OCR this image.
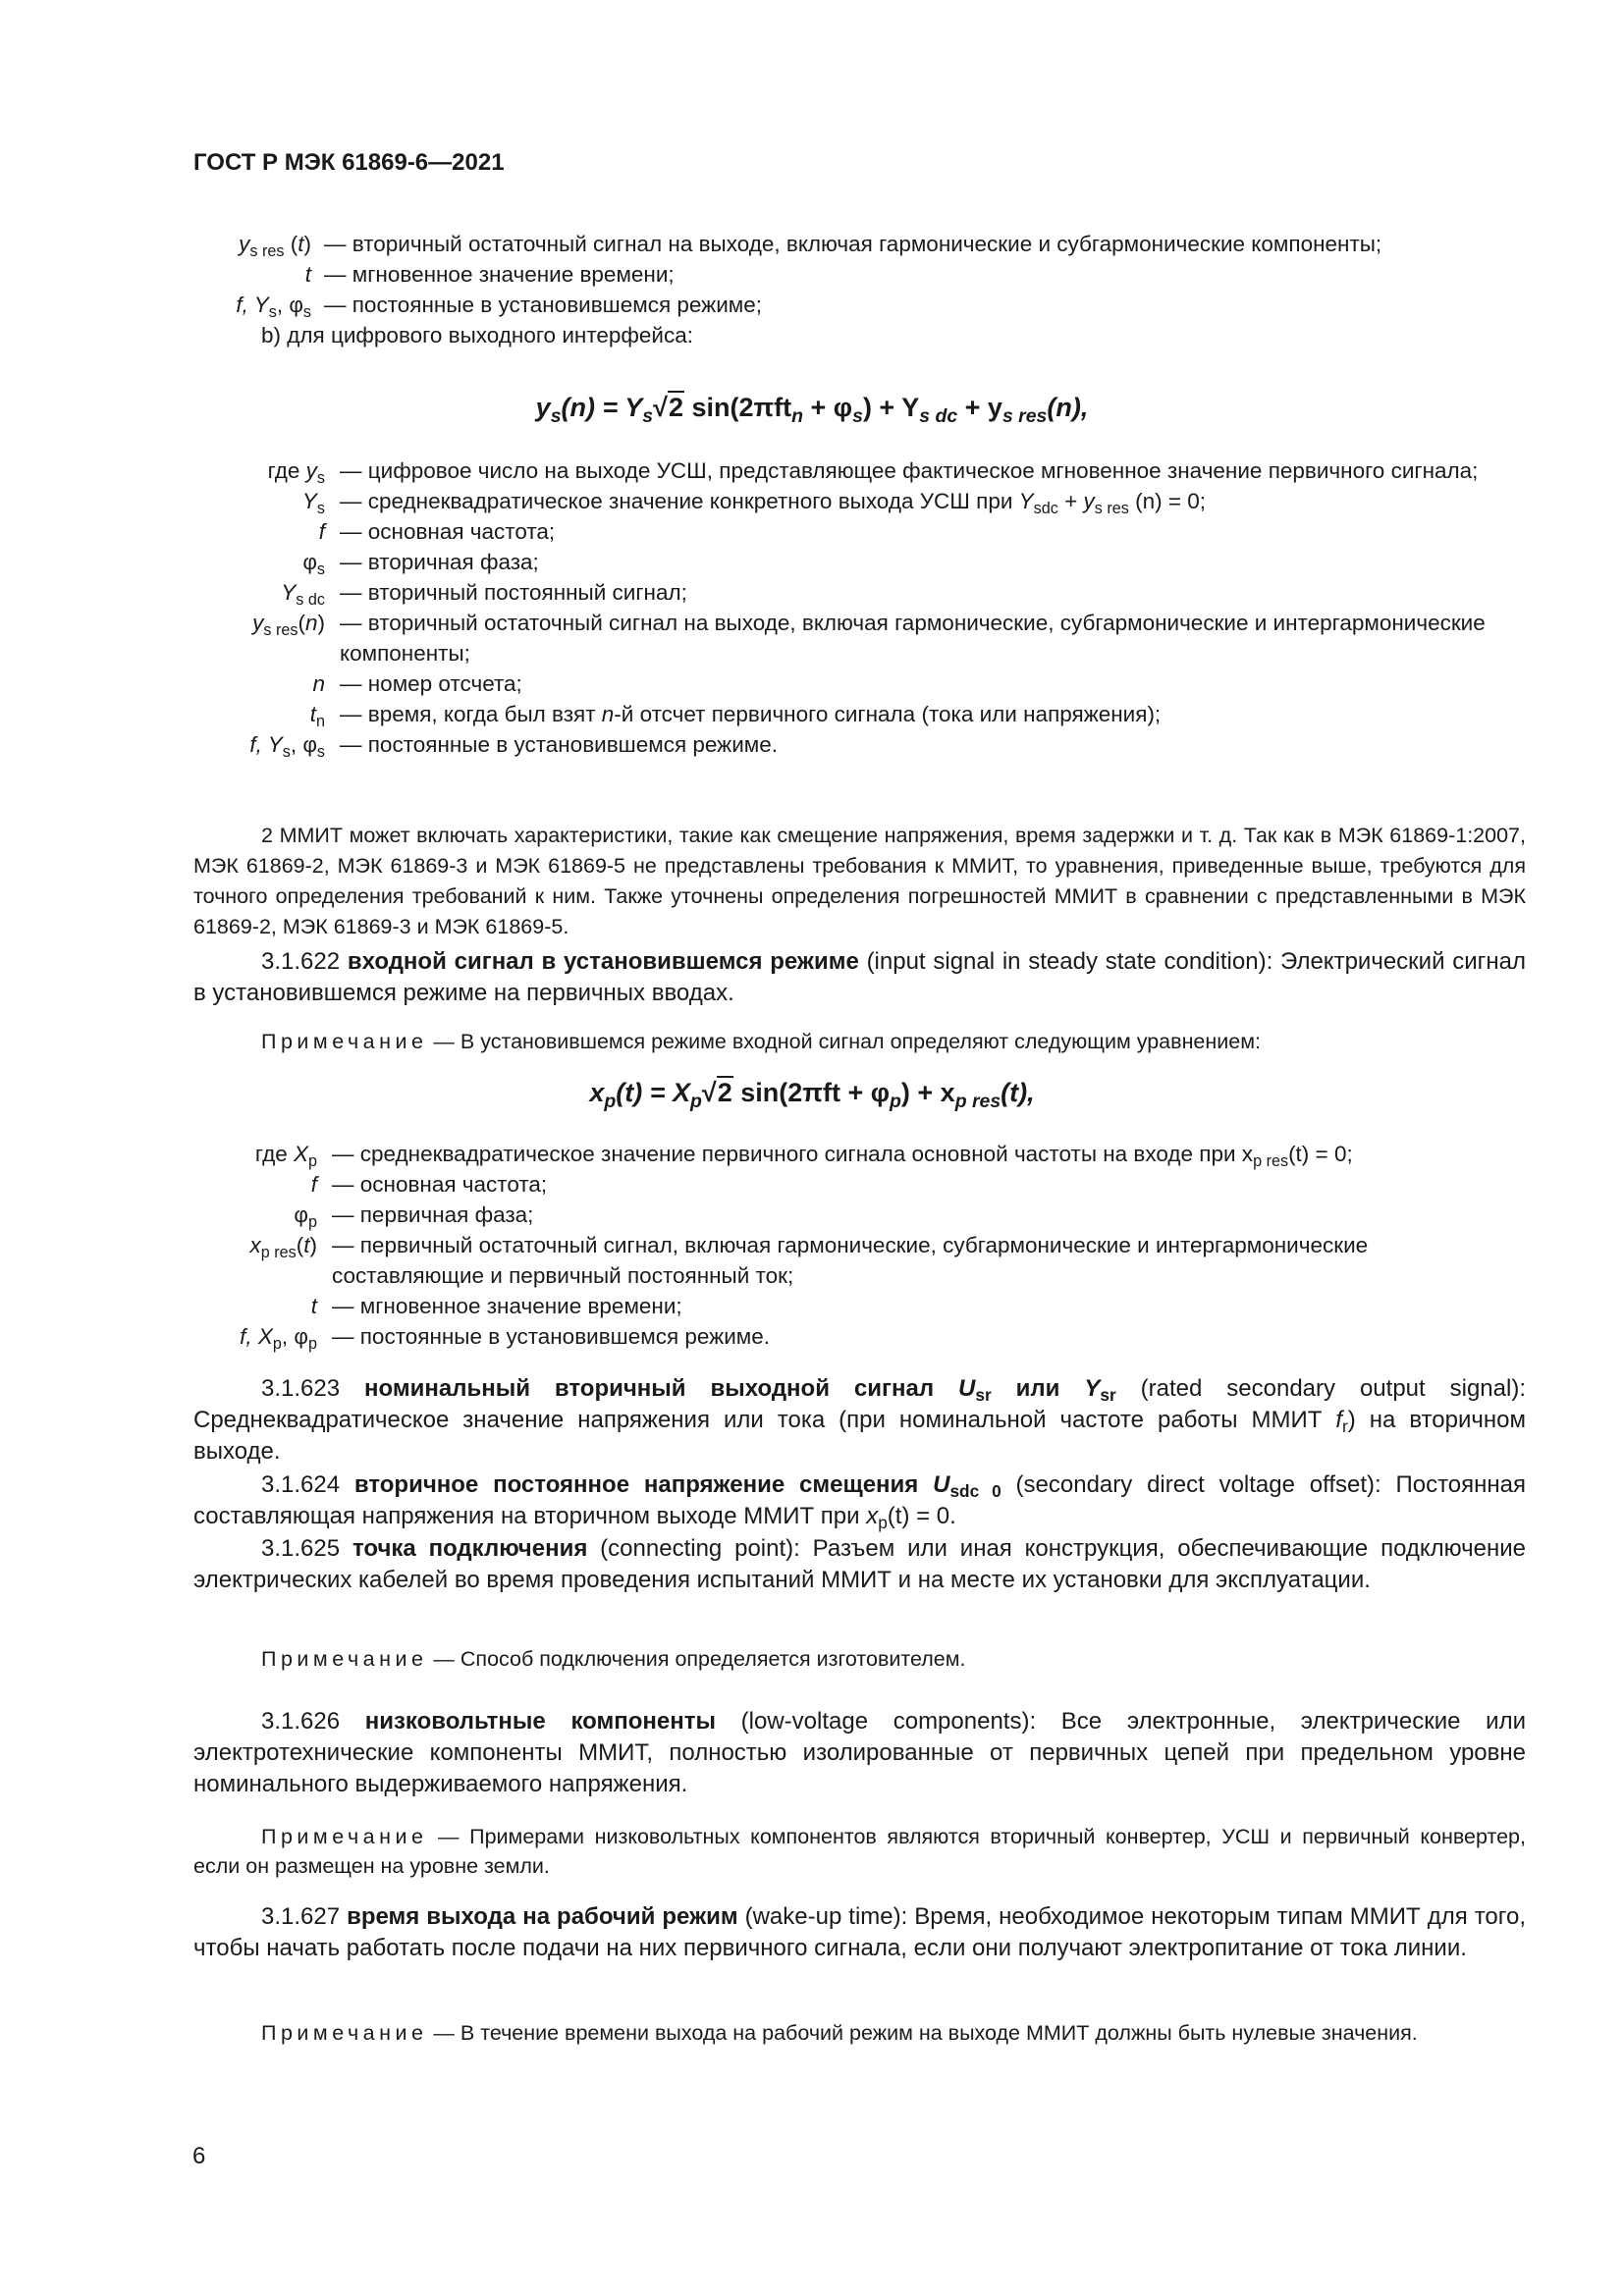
ГОСТ Р МЭК 61869-6—2021
$y_{s res}$ (t) — вторичный остаточный сигнал на выходе, включая гармонические и субгармонические компоненты;
t — мгновенное значение времени;
f, $Y_s$, $\varphi_s$ — постоянные в установившемся режиме;
b) для цифрового выходного интерфейса:
$y_s(n) = Y_s√2$ $\sin(2\pi ft_n + \varphi_s) + Y_{s dc} + y_{s res}(n)$,
где $y_s$ — цифровое число на выходе УСШ, представляющее фактическое мгновенное значение первичного сигнала;
$Y_s$ — среднеквадратическое значение конкретного выхода УСШ при $Y_{sdc} + y_{s res}$ (n) = 0;
f — основная частота;
$\varphi_s$ — вторичная фаза;
$Y_{s dc}$ — вторичный постоянный сигнал;
$y_{s res}(n)$ — вторичный остаточный сигнал на выходе, включая гармонические, субгармонические и интергармонические компоненты;
n — номер отсчета;
$t_n$ — время, когда был взят n-й отсчет первичного сигнала (тока или напряжения);
f, $Y_s$, $\varphi_s$ — постоянные в установившемся режиме.
2 ММИТ может включать характеристики, такие как смещение напряжения, время задержки и т. д. Так как в МЭК 61869-1:2007, МЭК 61869-2, МЭК 61869-3 и МЭК 61869-5 не представлены требования к ММИТ, то уравнения, приведенные выше, требуются для точного определения требований к ним. Также уточнены определения погрешностей ММИТ в сравнении с представленными в МЭК 61869-2, МЭК 61869-3 и МЭК 61869-5.
3.1.622 входной сигнал в установившемся режиме (input signal in steady state condition): Электрический сигнал в установившемся режиме на первичных вводах.
Примечание — В установившемся режиме входной сигнал определяют следующим уравнением:
$x_p(t) = X_p√2$ $\sin(2\pi ft + \varphi_p) + x_{p res}(t)$,
где $X_p$ — среднеквадратическое значение первичного сигнала основной частоты на входе при $x_{p res}(t) = 0$;
f — основная частота;
$\varphi_p$ — первичная фаза;
$x_{p res}(t)$ — первичный остаточный сигнал, включая гармонические, субгармонические и интергармонические составляющие и первичный постоянный ток;
t — мгновенное значение времени;
f, $X_p$, $\varphi_p$ — постоянные в установившемся режиме.
3.1.623 номинальный вторичный выходной сигнал $U_{sr}$ или $Y_{sr}$ (rated secondary output signal): Среднеквадратическое значение напряжения или тока (при номинальной частоте работы ММИТ $f_r$) на вторичном выходе.
3.1.624 вторичное постоянное напряжение смещения $U_{sdc 0}$ (secondary direct voltage offset): Постоянная составляющая напряжения на вторичном выходе ММИТ при $x_p(t) = 0$.
3.1.625 точка подключения (connecting point): Разъем или иная конструкция, обеспечивающие подключение электрических кабелей во время проведения испытаний ММИТ и на месте их установки для эксплуатации.
Примечание — Способ подключения определяется изготовителем.
3.1.626 низковольтные компоненты (low-voltage components): Все электронные, электрические или электротехнические компоненты ММИТ, полностью изолированные от первичных цепей при предельном уровне номинального выдерживаемого напряжения.
Примечание — Примерами низковольтных компонентов являются вторичный конвертер, УСШ и первичный конвертер, если он размещен на уровне земли.
3.1.627 время выхода на рабочий режим (wake-up time): Время, необходимое некоторым типам ММИТ для того, чтобы начать работать после подачи на них первичного сигнала, если они получают электропитание от тока линии.
Примечание — В течение времени выхода на рабочий режим на выходе ММИТ должны быть нулевые значения.
6
